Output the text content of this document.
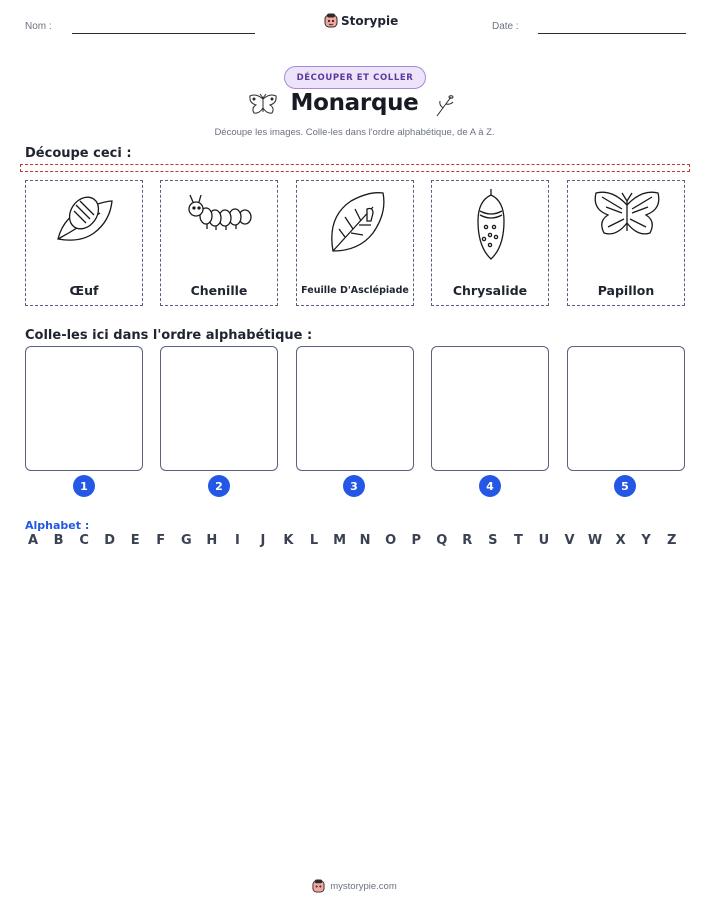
Nom :	Storypie	Date :
DÉCOUPER ET COLLER
Monarque
Découpe les images. Colle-les dans l'ordre alphabétique, de A à Z.
Découpe ceci :
Œuf	Chenille	Feuille D'Asclépiade	Chrysalide	Papillon
Colle-les ici dans l'ordre alphabétique :
1	2	3	4	5
Alphabet :
A B C D E F G H	I	J	K L M N O P Q R S T U V W X Y Z
mystorypie.com
